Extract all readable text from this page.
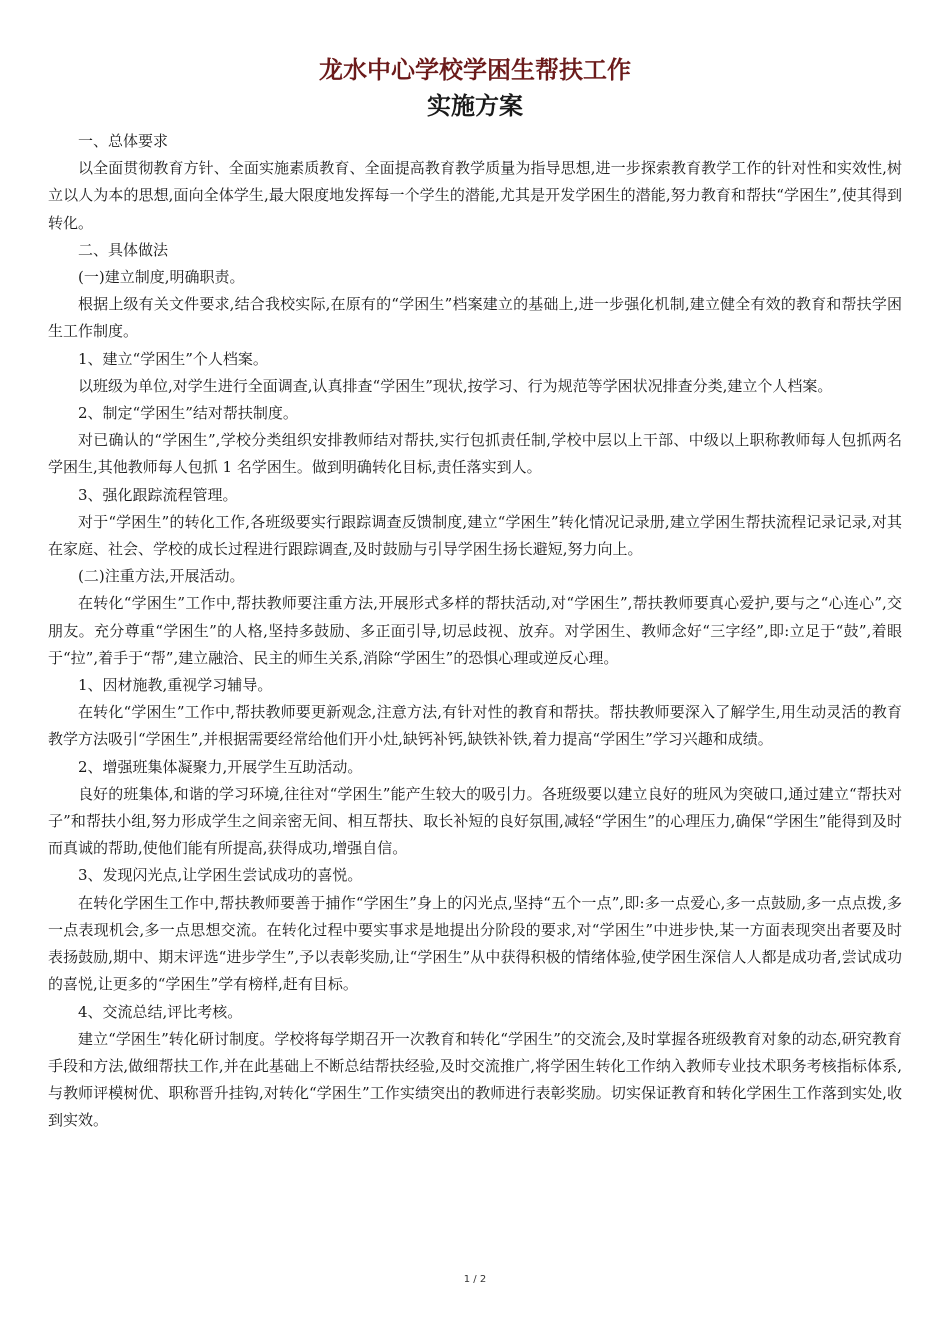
龙水中心学校学困生帮扶工作
实施方案

一、总体要求

以全面贯彻教育方针、全面实施素质教育、全面提高教育教学质量为指导思想,进一步探索教育教学工作的针对性和实效性,树立以人为本的思想,面向全体学生,最大限度地发挥每一个学生的潜能,尤其是开发学困生的潜能,努力教育和帮扶“学困生”,使其得到转化。

二、具体做法

(一)建立制度,明确职责。

根据上级有关文件要求,结合我校实际,在原有的“学困生”档案建立的基础上,进一步强化机制,建立健全有效的教育和帮扶学困生工作制度。

1、建立“学困生”个人档案。

以班级为单位,对学生进行全面调查,认真排查“学困生”现状,按学习、行为规范等学困状况排查分类,建立个人档案。

2、制定“学困生”结对帮扶制度。

对已确认的“学困生”,学校分类组织安排教师结对帮扶,实行包抓责任制,学校中层以上干部、中级以上职称教师每人包抓两名学困生,其他教师每人包抓 1 名学困生。做到明确转化目标,责任落实到人。

3、强化跟踪流程管理。

对于“学困生”的转化工作,各班级要实行跟踪调查反馈制度,建立“学困生”转化情况记录册,建立学困生帮扶流程记录记录,对其在家庭、社会、学校的成长过程进行跟踪调查,及时鼓励与引导学困生扬长避短,努力向上。

(二)注重方法,开展活动。

在转化“学困生”工作中,帮扶教师要注重方法,开展形式多样的帮扶活动,对“学困生”,帮扶教师要真心爱护,要与之“心连心”,交朋友。充分尊重“学困生”的人格,坚持多鼓励、多正面引导,切忌歧视、放弃。对学困生、教师念好“三字经”,即:立足于“鼓”,着眼于“拉”,着手于“帮”,建立融洽、民主的师生关系,消除“学困生”的恐惧心理或逆反心理。

1、因材施教,重视学习辅导。

在转化“学困生”工作中,帮扶教师要更新观念,注意方法,有针对性的教育和帮扶。帮扶教师要深入了解学生,用生动灵活的教育教学方法吸引“学困生”,并根据需要经常给他们开小灶,缺钙补钙,缺铁补铁,着力提高“学困生”学习兴趣和成绩。

2、增强班集体凝聚力,开展学生互助活动。

良好的班集体,和谐的学习环境,往往对“学困生”能产生较大的吸引力。各班级要以建立良好的班风为突破口,通过建立“帮扶对子”和帮扶小组,努力形成学生之间亲密无间、相互帮扶、取长补短的良好氛围,减轻“学困生”的心理压力,确保“学困生”能得到及时而真诚的帮助,使他们能有所提高,获得成功,增强自信。

3、发现闪光点,让学困生尝试成功的喜悦。

在转化学困生工作中,帮扶教师要善于捕作“学困生”身上的闪光点,坚持“五个一点”,即:多一点爱心,多一点鼓励,多一点点拨,多一点表现机会,多一点思想交流。在转化过程中要实事求是地提出分阶段的要求,对“学困生”中进步快,某一方面表现突出者要及时表扬鼓励,期中、期末评选“进步学生”,予以表彰奖励,让“学困生”从中获得积极的情绪体验,使学困生深信人人都是成功者,尝试成功的喜悦,让更多的“学困生”学有榜样,赶有目标。

4、交流总结,评比考核。

建立“学困生”转化研讨制度。学校将每学期召开一次教育和转化“学困生”的交流会,及时掌握各班级教育对象的动态,研究教育手段和方法,做细帮扶工作,并在此基础上不断总结帮扶经验,及时交流推广,将学困生转化工作纳入教师专业技术职务考核指标体系,与教师评模树优、职称晋升挂钩,对转化“学困生”工作实绩突出的教师进行表彰奖励。切实保证教育和转化学困生工作落到实处,收到实效。

1 / 2
